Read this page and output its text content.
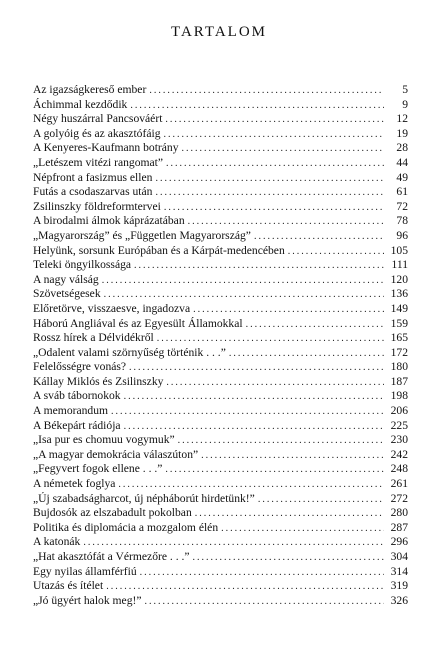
TARTALOM
Az igazságkereső ember .....	5
Áchimmal kezdődik .....	9
Négy huszárral Pancsováért .....	12
A golyóig és az akasztófáig .....	19
A Kenyeres-Kaufmann botrány .....	28
„Letészem vitézi rangomat” .....	44
Népfront a fasizmus ellen .....	49
Futás a csodaszarvas után .....	61
Zsilinszky földreformtervei .....	72
A birodalmi álmok káprázatában .....	78
„Magyarország” és „Független Magyarország” .....	96
Helyünk, sorsunk Európában és a Kárpát-medencében .....	105
Teleki öngyilkossága .....	111
A nagy válság .....	120
Szövetségesek .....	136
Előretörve, visszaesve, ingadozva .....	149
Háború Angliával és az Egyesült Államokkal .....	159
Rossz hírek a Délvidékről .....	165
„Odalent valami szörnyűség történik . . .” .....	172
Felelősségre vonás? .....	180
Kállay Miklós és Zsilinszky .....	187
A sváb tábornokok .....	198
A memorandum .....	206
A Békepárt rádiója .....	225
„Isa pur es chomuu vogymuk” .....	230
„A magyar demokrácia válaszúton” .....	242
„Fegyvert fogok ellene . . .” .....	248
A németek foglya .....	261
„Új szabadságharcot, új népháborút hirdetünk!” .....	272
Bujdosók az elszabadult pokolban .....	280
Politika és diplomácia a mozgalom élén .....	287
A katonák .....	296
„Hat akasztófát a Vérmezőre . . .” .....	304
Egy nyilas államférfiú .....	314
Utazás és ítélet .....	319
„Jó ügyért halok meg!” .....	326
